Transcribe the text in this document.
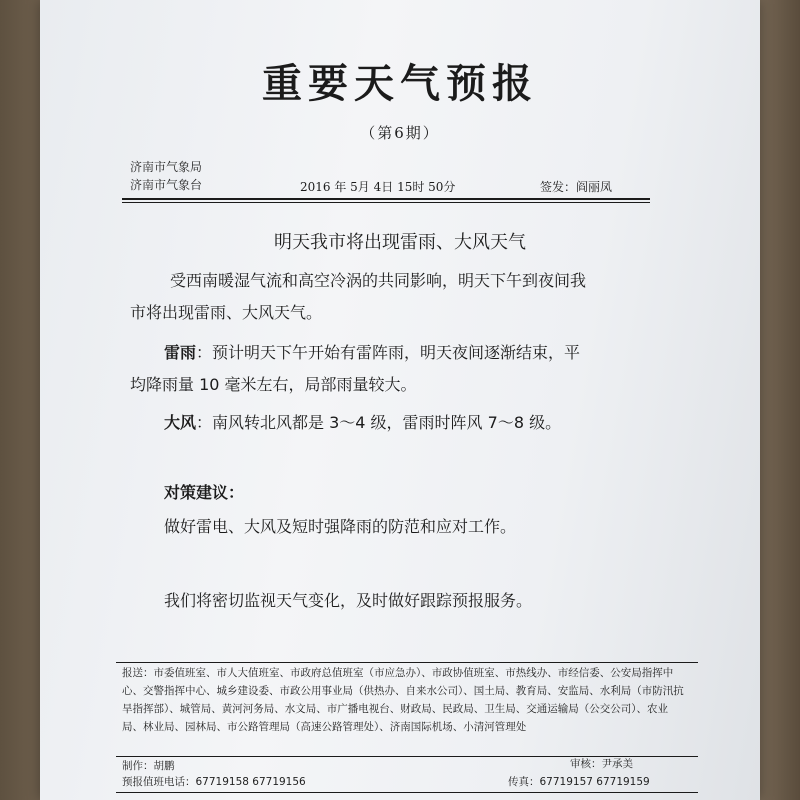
重要天气预报
（第6期）
济南市气象局
济南市气象台	2016 年 5月 4日 15时 50分	签发：阎丽凤
明天我市将出现雷雨、大风天气
受西南暖湿气流和高空冷涡的共同影响，明天下午到夜间我
市将出现雷雨、大风天气。
雷雨：预计明天下午开始有雷阵雨，明天夜间逐渐结束，平
均降雨量 10 毫米左右，局部雨量较大。
大风：南风转北风都是 3～4 级，雷雨时阵风 7～8 级。
对策建议：
做好雷电、大风及短时强降雨的防范和应对工作。
我们将密切监视天气变化，及时做好跟踪预报服务。
报送：市委值班室、市人大值班室、市政府总值班室（市应急办）、市政协值班室、市热线办、市经信委、公安局指挥中心、交警指挥中心、城乡建设委、市政公用事业局（供热办、自来水公司）、国土局、教育局、安监局、水利局（市防汛抗旱指挥部）、城管局、黄河河务局、水文局、市广播电视台、财政局、民政局、卫生局、交通运输局（公交公司）、农业局、林业局、园林局、市公路管理局（高速公路管理处）、济南国际机场、小清河管理处
制作：胡鹏	审核：尹承美
预报值班电话：67719158 67719156	传真：67719157 67719159
